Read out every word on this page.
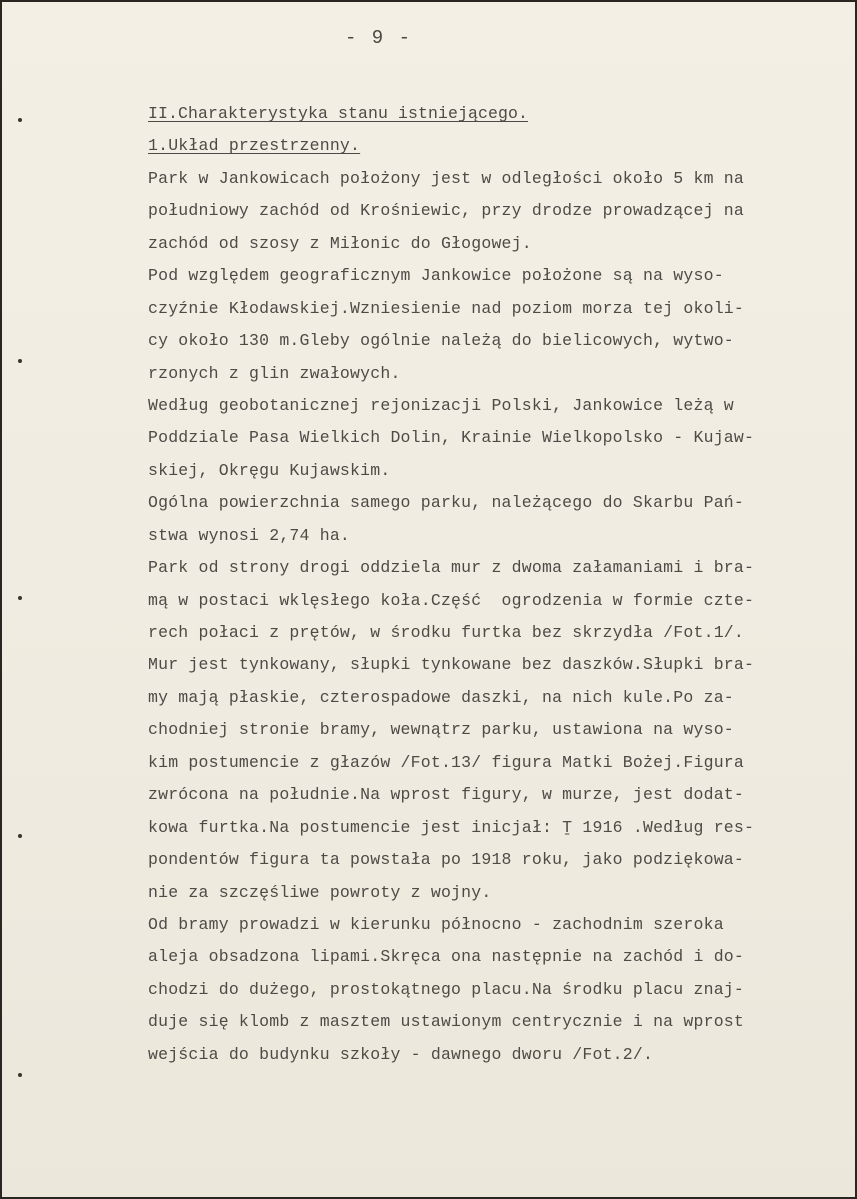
- 9 -
II.Charakterystyka stanu istniejącego.
1.Układ przestrzenny.
Park w Jankowicach położony jest w odległości około 5 km na
południowy zachód od Krośniewic, przy drodze prowadzącej na
zachód od szosy z Miłonic do Głogowej.
Pod względem geograficznym Jankowice położone są na wyso-
czyźnie Kłodawskiej.Wzniesienie nad poziom morza tej okoli-
cy około 130 m.Gleby ogólnie należą do bielicowych, wytwo-
rzonych z glin zwałowych.
Według geobotanicznej rejonizacji Polski, Jankowice leżą w
Poddziale Pasa Wielkich Dolin, Krainie Wielkopolsko - Kujaw-
skiej, Okręgu Kujawskim.
Ogólna powierzchnia samego parku, należącego do Skarbu Pań-
stwa wynosi 2,74 ha.
Park od strony drogi oddziela mur z dwoma załamaniami i bra-
mą w postaci wklęsłego koła.Część  ogrodzenia w formie czte-
rech połaci z prętów, w środku furtka bez skrzydła /Fot.1/.
Mur jest tynkowany, słupki tynkowane bez daszków.Słupki bra-
my mają płaskie, czterospadowe daszki, na nich kule.Po za-
chodniej stronie bramy, wewnątrz parku, ustawiona na wyso-
kim postumencie z głazów /Fot.13/ figura Matki Bożej.Figura
zwrócona na południe.Na wprost figury, w murze, jest dodat-
kowa furtka.Na postumencie jest inicjał: Ṯ 1916 .Według res-
pondentów figura ta powstała po 1918 roku, jako podziękowa-
nie za szczęśliwe powroty z wojny.
Od bramy prowadzi w kierunku północno - zachodnim szeroka
aleja obsadzona lipami.Skręca ona następnie na zachód i do-
chodzi do dużego, prostokątnego placu.Na środku placu znaj-
duje się klomb z masztem ustawionym centrycznie i na wprost
wejścia do budynku szkoły - dawnego dworu /Fot.2/.
